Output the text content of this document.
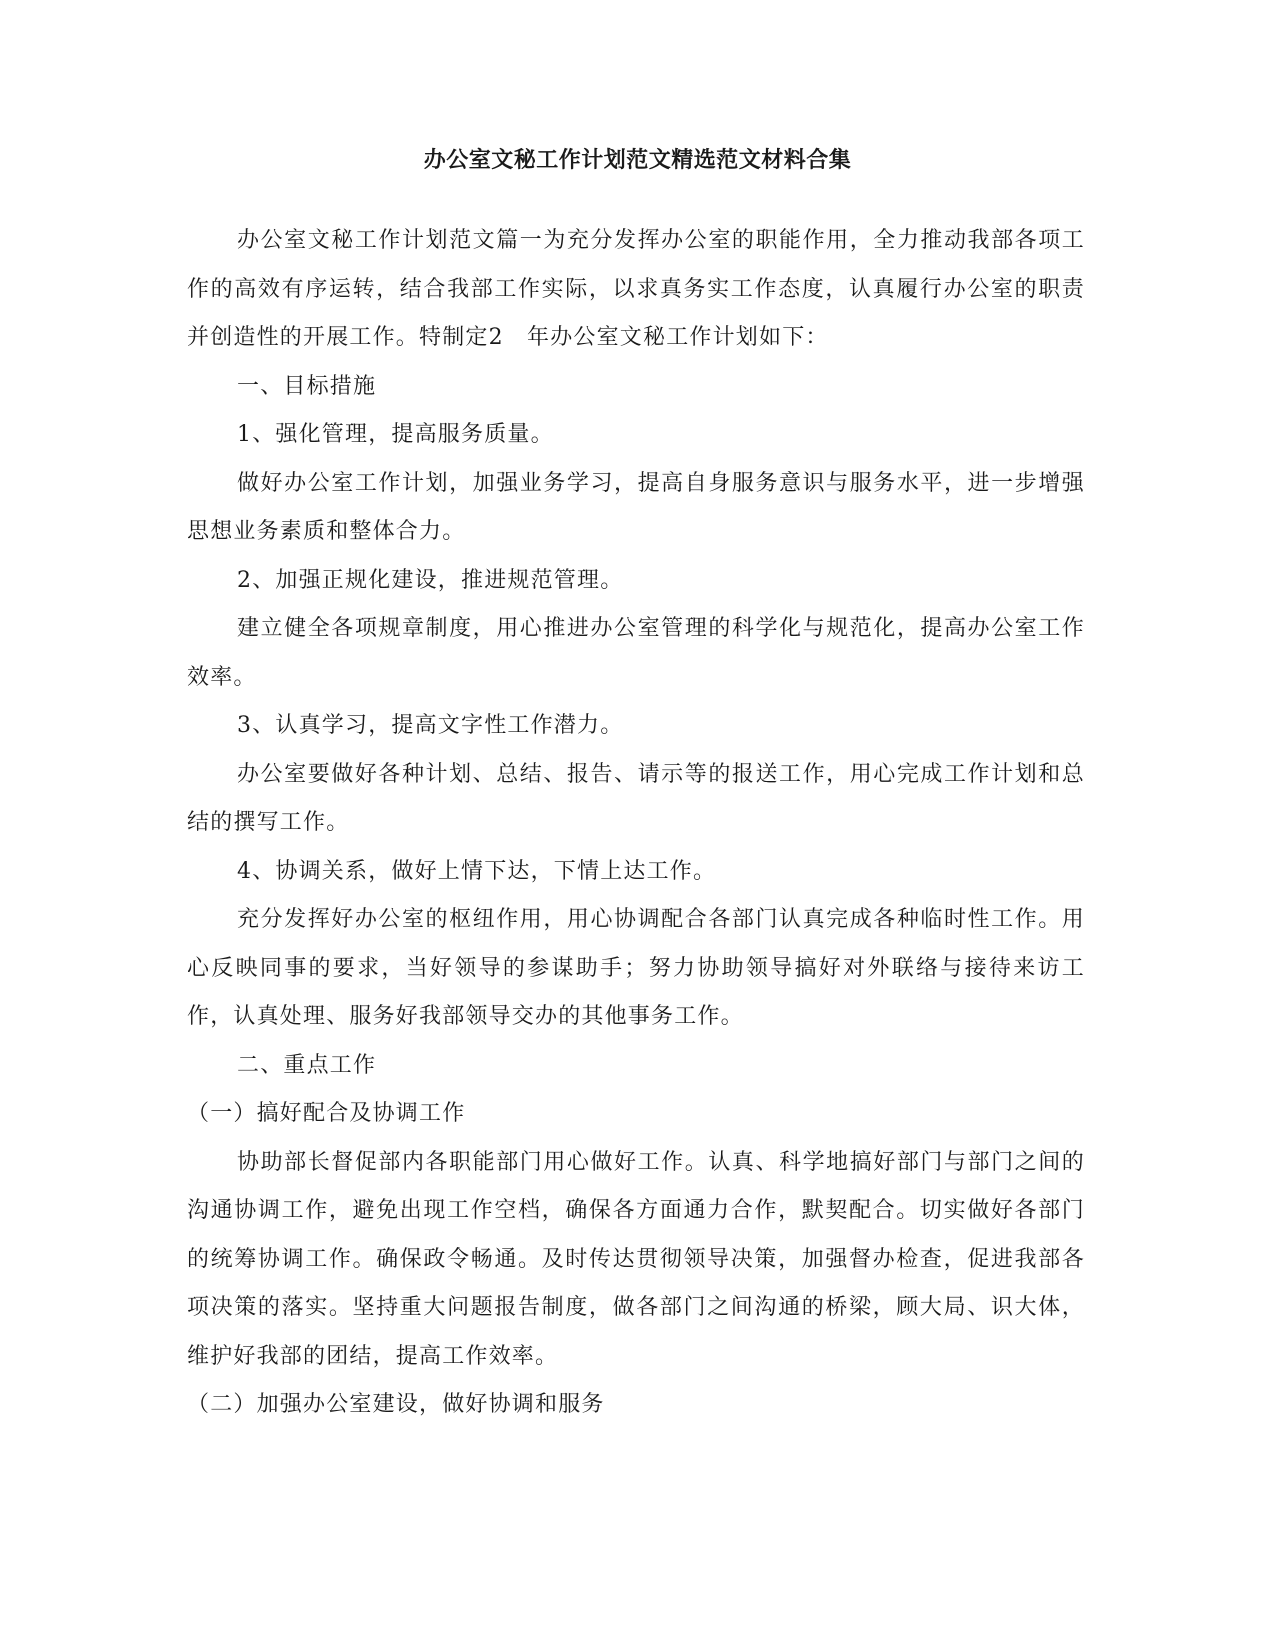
办公室文秘工作计划范文精选范文材料合集

办公室文秘工作计划范文篇一为充分发挥办公室的职能作用，全力推动我部各项工作的高效有序运转，结合我部工作实际，以求真务实工作态度，认真履行办公室的职责并创造性的开展工作。特制定2　年办公室文秘工作计划如下：

一、目标措施

1、强化管理，提高服务质量。

做好办公室工作计划，加强业务学习，提高自身服务意识与服务水平，进一步增强思想业务素质和整体合力。

2、加强正规化建设，推进规范管理。

建立健全各项规章制度，用心推进办公室管理的科学化与规范化，提高办公室工作效率。

3、认真学习，提高文字性工作潜力。

办公室要做好各种计划、总结、报告、请示等的报送工作，用心完成工作计划和总结的撰写工作。

4、协调关系，做好上情下达，下情上达工作。

充分发挥好办公室的枢纽作用，用心协调配合各部门认真完成各种临时性工作。用心反映同事的要求，当好领导的参谋助手；努力协助领导搞好对外联络与接待来访工作，认真处理、服务好我部领导交办的其他事务工作。

二、重点工作

（一）搞好配合及协调工作

协助部长督促部内各职能部门用心做好工作。认真、科学地搞好部门与部门之间的沟通协调工作，避免出现工作空档，确保各方面通力合作，默契配合。切实做好各部门的统筹协调工作。确保政令畅通。及时传达贯彻领导决策，加强督办检查，促进我部各项决策的落实。坚持重大问题报告制度，做各部门之间沟通的桥梁，顾大局、识大体，维护好我部的团结，提高工作效率。

（二）加强办公室建设，做好协调和服务
